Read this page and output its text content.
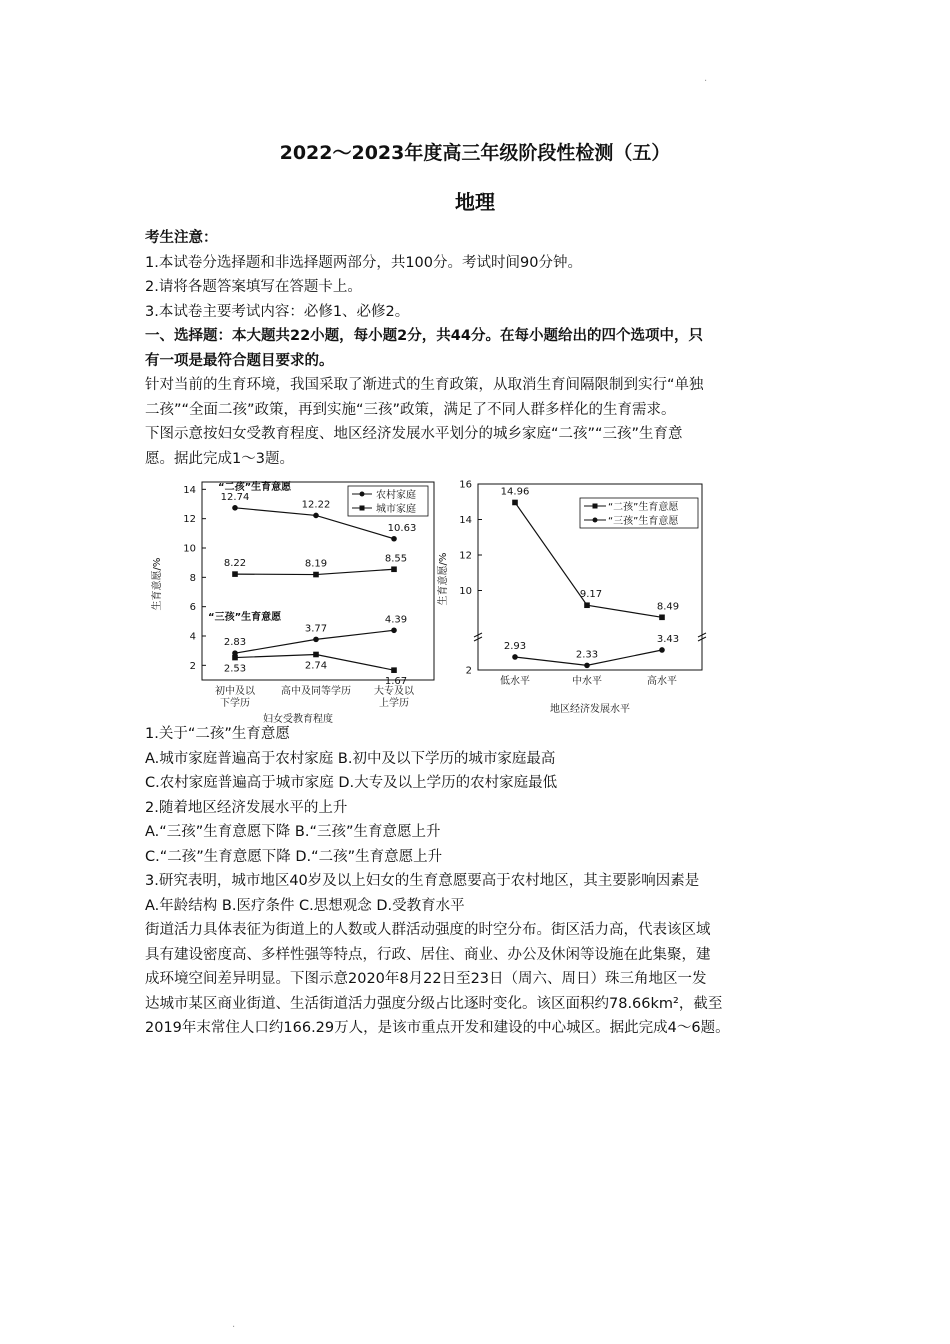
·
2022～2023年度高三年级阶段性检测（五）
地理
考生注意：
1.本试卷分选择题和非选择题两部分，共100分。考试时间90分钟。
2.请将各题答案填写在答题卡上。
3.本试卷主要考试内容：必修1、必修2。
一、选择题：本大题共22小题，每小题2分，共44分。在每小题给出的四个选项中，只
有一项是最符合题目要求的。
针对当前的生育环境，我国采取了渐进式的生育政策，从取消生育间隔限制到实行“单独
二孩”“全面二孩”政策，再到实施“三孩”政策，满足了不同人群多样化的生育需求。
下图示意按妇女受教育程度、地区经济发展水平划分的城乡家庭“二孩”“三孩”生育意
愿。据此完成1～3题。
2
4
6
8
10
12
14
生育意愿/%
“二孩”生育意愿
“三孩”生育意愿
农村家庭
城市家庭
12.74
12.22
10.63
8.22	8.19	8.55
2.83
3.77
4.39
2.53	2.74
1.67
初中及以
下学历
高中及同等学历 大专及以
上学历
妇女受教育程度
2
10
12
14
16
生育意愿/%
“二孩”生育意愿
“三孩”生育意愿
14.96
9.17
8.49
2.93
2.33
3.43
低水平	中水平	高水平
地区经济发展水平
1.关于“二孩”生育意愿
A.城市家庭普遍高于农村家庭 B.初中及以下学历的城市家庭最高
C.农村家庭普遍高于城市家庭 D.大专及以上学历的农村家庭最低
2.随着地区经济发展水平的上升
A.“三孩”生育意愿下降 B.“三孩”生育意愿上升
C.“二孩”生育意愿下降 D.“二孩”生育意愿上升
3.研究表明，城市地区40岁及以上妇女的生育意愿要高于农村地区，其主要影响因素是
A.年龄结构 B.医疗条件 C.思想观念 D.受教育水平
街道活力具体表征为街道上的人数或人群活动强度的时空分布。街区活力高，代表该区域
具有建设密度高、多样性强等特点，行政、居住、商业、办公及休闲等设施在此集聚，建
成环境空间差异明显。下图示意2020年8月22日至23日（周六、周日）珠三角地区一发
达城市某区商业街道、生活街道活力强度分级占比逐时变化。该区面积约78.66km²，截至
2019年末常住人口约166.29万人，是该市重点开发和建设的中心城区。据此完成4～6题。
·
